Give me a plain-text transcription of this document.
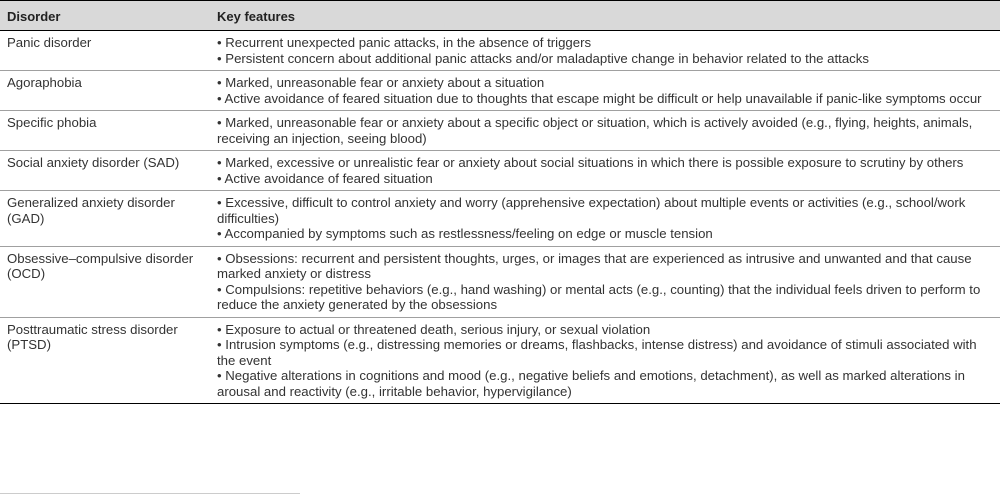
Disorder	Key features
Panic disorder	• Recurrent unexpected panic attacks, in the absence of triggers
• Persistent concern about additional panic attacks and/or maladaptive change in behavior related to the attacks

Agoraphobia	• Marked, unreasonable fear or anxiety about a situation
• Active avoidance of feared situation due to thoughts that escape might be difficult or help unavailable if panic-like symptoms occur

Specific phobia	• Marked, unreasonable fear or anxiety about a specific object or situation, which is actively avoided (e.g., flying, heights, animals, receiving an injection, seeing blood)

Social anxiety disorder (SAD)	• Marked, excessive or unrealistic fear or anxiety about social situations in which there is possible exposure to scrutiny by others
• Active avoidance of feared situation

Generalized anxiety disorder (GAD)	• Excessive, difficult to control anxiety and worry (apprehensive expectation) about multiple events or activities (e.g., school/work difficulties)
• Accompanied by symptoms such as restlessness/feeling on edge or muscle tension

Obsessive–compulsive disorder (OCD)	• Obsessions: recurrent and persistent thoughts, urges, or images that are experienced as intrusive and unwanted and that cause marked anxiety or distress
• Compulsions: repetitive behaviors (e.g., hand washing) or mental acts (e.g., counting) that the individual feels driven to perform to reduce the anxiety generated by the obsessions

Posttraumatic stress disorder (PTSD)	• Exposure to actual or threatened death, serious injury, or sexual violation
• Intrusion symptoms (e.g., distressing memories or dreams, flashbacks, intense distress) and avoidance of stimuli associated with the event
• Negative alterations in cognitions and mood (e.g., negative beliefs and emotions, detachment), as well as marked alterations in arousal and reactivity (e.g., irritable behavior, hypervigilance)
